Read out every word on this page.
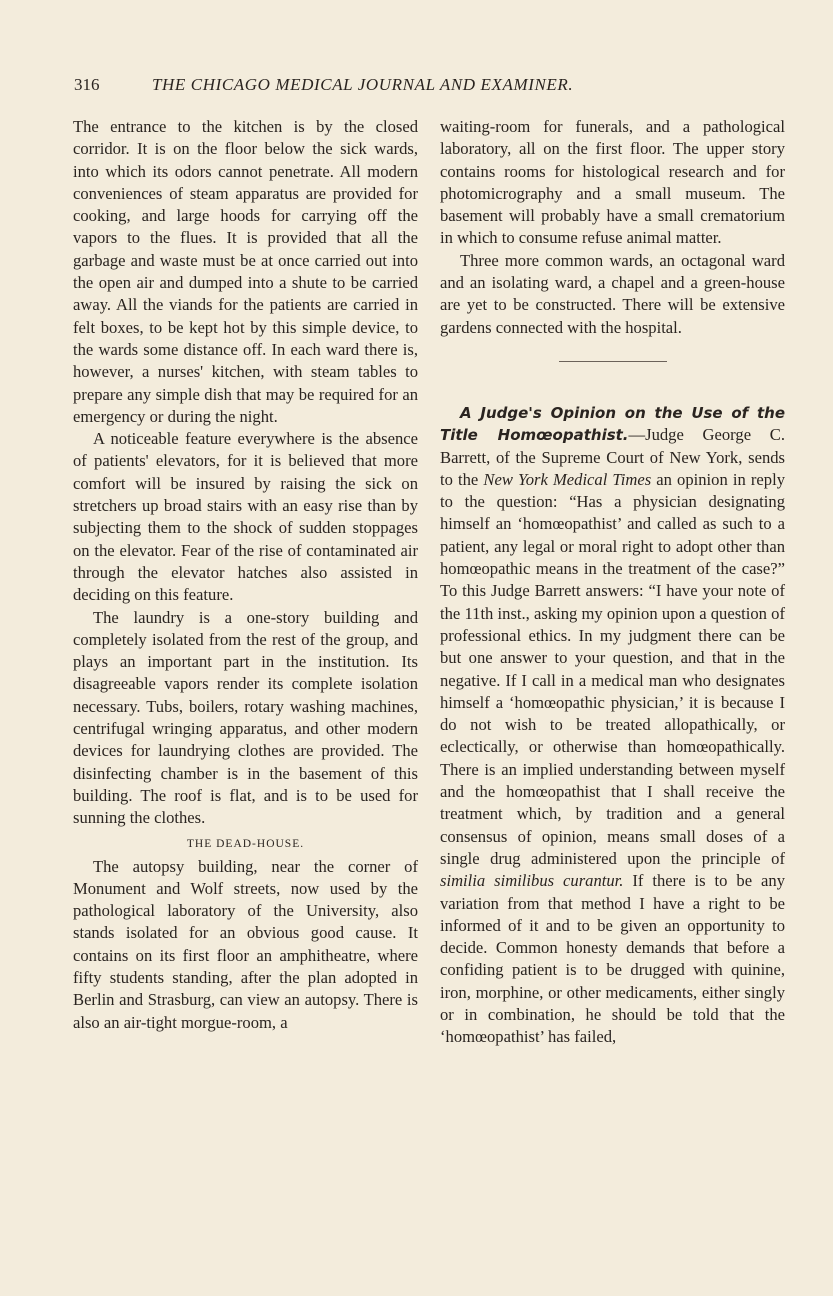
316	THE CHICAGO MEDICAL JOURNAL AND EXAMINER.

The entrance to the kitchen is by the closed corridor. It is on the floor below the sick wards, into which its odors cannot penetrate. All modern conveniences of steam apparatus are provided for cooking, and large hoods for carrying off the vapors to the flues. It is provided that all the garbage and waste must be at once carried out into the open air and dumped into a shute to be carried away. All the viands for the patients are carried in felt boxes, to be kept hot by this simple device, to the wards some distance off. In each ward there is, however, a nurses' kitchen, with steam tables to prepare any simple dish that may be required for an emergency or during the night.

A noticeable feature everywhere is the absence of patients' elevators, for it is believed that more comfort will be insured by raising the sick on stretchers up broad stairs with an easy rise than by subjecting them to the shock of sudden stoppages on the elevator. Fear of the rise of contaminated air through the elevator hatches also assisted in deciding on this feature.

The laundry is a one-story building and completely isolated from the rest of the group, and plays an important part in the institution. Its disagreeable vapors render its complete isolation necessary. Tubs, boilers, rotary washing machines, centrifugal wringing apparatus, and other modern devices for laundrying clothes are provided. The disinfecting chamber is in the basement of this building. The roof is flat, and is to be used for sunning the clothes.

THE DEAD-HOUSE.

The autopsy building, near the corner of Monument and Wolf streets, now used by the pathological laboratory of the University, also stands isolated for an obvious good cause. It contains on its first floor an amphitheatre, where fifty students standing, after the plan adopted in Berlin and Strasburg, can view an autopsy. There is also an air-tight morgue-room, a

waiting-room for funerals, and a pathological laboratory, all on the first floor. The upper story contains rooms for histological research and for photomicrography and a small museum. The basement will probably have a small crematorium in which to consume refuse animal matter.

Three more common wards, an octagonal ward and an isolating ward, a chapel and a green-house are yet to be constructed. There will be extensive gardens connected with the hospital.

A Judge's Opinion on the Use of the Title Homœopathist.—Judge George C. Barrett, of the Supreme Court of New York, sends to the New York Medical Times an opinion in reply to the question: “Has a physician designating himself an ‘homœopathist’ and called as such to a patient, any legal or moral right to adopt other than homœopathic means in the treatment of the case?” To this Judge Barrett answers: “I have your note of the 11th inst., asking my opinion upon a question of professional ethics. In my judgment there can be but one answer to your question, and that in the negative. If I call in a medical man who designates himself a ‘homœopathic physician,’ it is because I do not wish to be treated allopathically, or eclectically, or otherwise than homœopathically. There is an implied understanding between myself and the homœopathist that I shall receive the treatment which, by tradition and a general consensus of opinion, means small doses of a single drug administered upon the principle of similia similibus curantur. If there is to be any variation from that method I have a right to be informed of it and to be given an opportunity to decide. Common honesty demands that before a confiding patient is to be drugged with quinine, iron, morphine, or other medicaments, either singly or in combination, he should be told that the ‘homœopathist’ has failed,
